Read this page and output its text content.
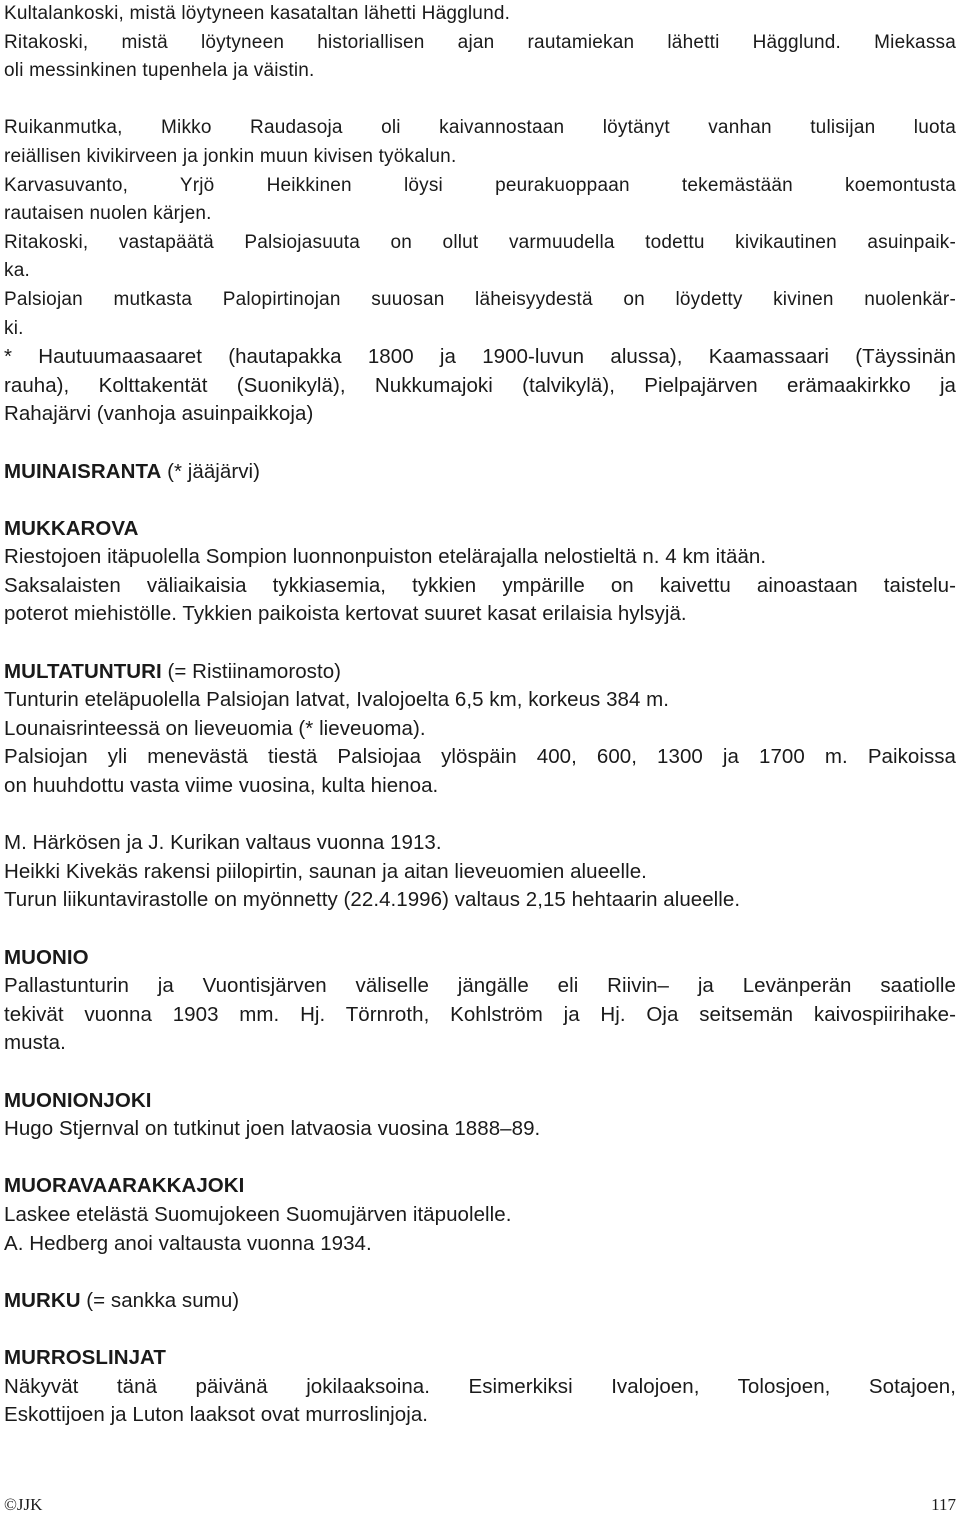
Kultalankoski, mistä löytyneen kasataltan lähetti Hägglund.
Ritakoski, mistä löytyneen historiallisen ajan rautamiekan lähetti Hägglund. Miekassa
oli messinkinen tupenhela ja väistin.
Ruikanmutka, Mikko Raudasoja oli kaivannostaan löytänyt vanhan tulisijan luota
reiällisen kivikirveen ja jonkin muun kivisen työkalun.
Karvasuvanto, Yrjö Heikkinen löysi peurakuoppaan tekemästään koemontusta
rautaisen nuolen kärjen.
Ritakoski, vastapäätä Palsiojasuuta on ollut varmuudella todettu kivikautinen asuinpaik-
ka.
Palsiojan mutkasta Palopirtinojan suuosan läheisyydestä on löydetty kivinen nuolenkär-
ki.
* Hautuumaasaaret (hautapakka 1800 ja 1900-luvun alussa), Kaamassaari (Täyssinän
rauha), Kolttakentät (Suonikylä), Nukkumajoki (talvikylä), Pielpajärven erämaakirkko ja
Rahajärvi (vanhoja asuinpaikkoja)
MUINAISRANTA (* jääjärvi)
MUKKAROVA
Riestojoen itäpuolella Sompion luonnonpuiston etelärajalla nelostieltä n. 4 km itään.
Saksalaisten väliaikaisia tykkiasemia, tykkien ympärille on kaivettu ainoastaan taistelu-
poterot miehistölle. Tykkien paikoista kertovat suuret kasat erilaisia hylsyjä.
MULTATUNTURI (= Ristiinamorosto)
Tunturin eteläpuolella Palsiojan latvat, Ivalojoelta 6,5 km, korkeus 384 m.
Lounaisrinteessä on lieveuomia (* lieveuoma).
Palsiojan yli menevästä tiestä Palsiojaa ylöspäin 400, 600, 1300 ja 1700 m. Paikoissa
on huuhdottu vasta viime vuosina, kulta hienoa.
M. Härkösen ja J. Kurikan valtaus vuonna 1913.
Heikki Kivekäs rakensi piilopirtin, saunan ja aitan lieveuomien alueelle.
Turun liikuntavirastolle on myönnetty (22.4.1996) valtaus 2,15 hehtaarin alueelle.
MUONIO
Pallastunturin ja Vuontisjärven väliselle jängälle eli Riivin– ja Levänperän saatiolle
tekivät vuonna 1903 mm. Hj. Törnroth, Kohlström ja Hj. Oja seitsemän kaivospiirihake-
musta.
MUONIONJOKI
Hugo Stjernval on tutkinut joen latvaosia vuosina 1888–89.
MUORAVAARAKKAJOKI
Laskee etelästä Suomujokeen Suomujärven itäpuolelle.
A. Hedberg anoi valtausta vuonna 1934.
MURKU (= sankka sumu)
MURROSLINJAT
Näkyvät tänä päivänä jokilaaksoina. Esimerkiksi Ivalojoen, Tolosjoen, Sotajoen,
Eskottijoen ja Luton laaksot ovat murroslinjoja.
©JJK	117
